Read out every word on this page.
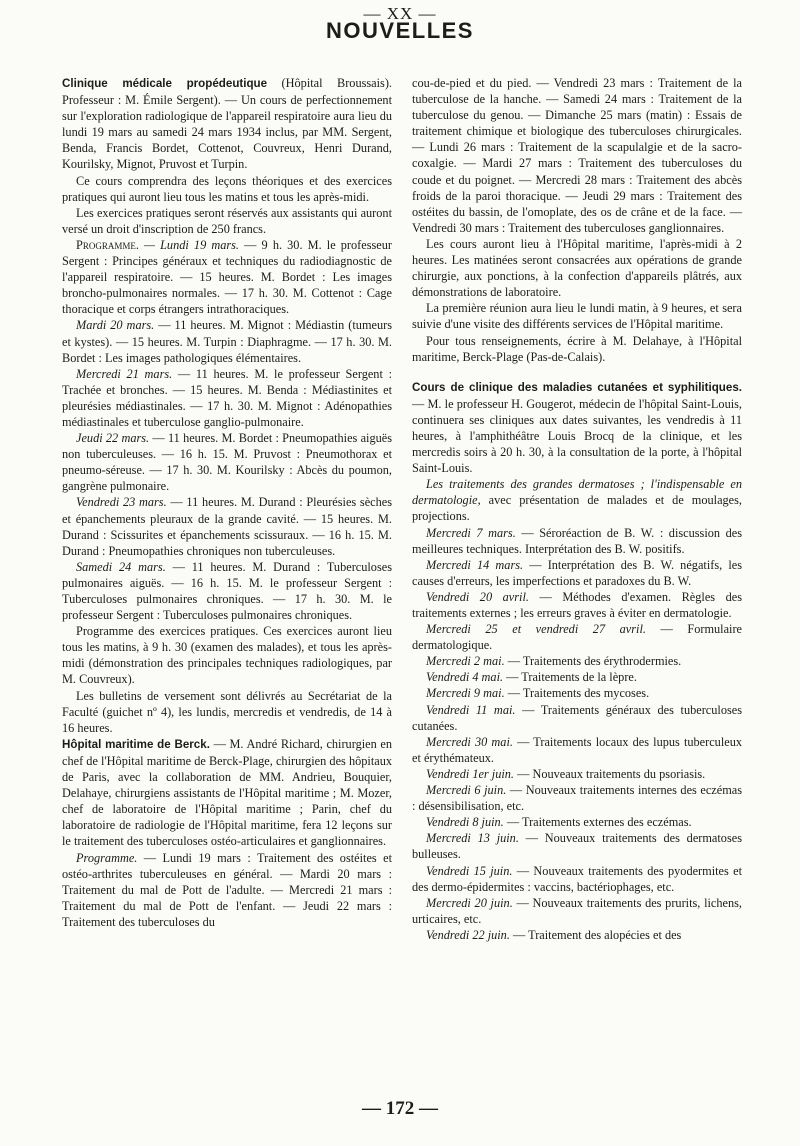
— XX —
NOUVELLES

Clinique médicale propédeutique (Hôpital Broussais). Professeur : M. Émile Sergent). — Un cours de perfectionnement sur l'exploration radiologique de l'appareil respiratoire aura lieu du lundi 19 mars au samedi 24 mars 1934 inclus, par MM. Sergent, Benda, Francis Bordet, Cottenot, Couvreux, Henri Durand, Kourilsky, Mignot, Pruvost et Turpin.

Ce cours comprendra des leçons théoriques et des exercices pratiques qui auront lieu tous les matins et tous les après-midi.

Les exercices pratiques seront réservés aux assistants qui auront versé un droit d'inscription de 250 francs.

Programme. — Lundi 19 mars. — 9 h. 30. M. le professeur Sergent : Principes généraux et techniques du radiodiagnostic de l'appareil respiratoire. — 15 heures. M. Bordet : Les images broncho-pulmonaires normales. — 17 h. 30. M. Cottenot : Cage thoracique et corps étrangers intrathoraciques.

Mardi 20 mars. — 11 heures. M. Mignot : Médiastin (tumeurs et kystes). — 15 heures. M. Turpin : Diaphragme. — 17 h. 30. M. Bordet : Les images pathologiques élémentaires.

Mercredi 21 mars. — 11 heures. M. le professeur Sergent : Trachée et bronches. — 15 heures. M. Benda : Médiastinites et pleurésies médiastinales. — 17 h. 30. M. Mignot : Adénopathies médiastinales et tuberculose ganglio-pulmonaire.

Jeudi 22 mars. — 11 heures. M. Bordet : Pneumopathies aiguës non tuberculeuses. — 16 h. 15. M. Pruvost : Pneumothorax et pneumo-séreuse. — 17 h. 30. M. Kourilsky : Abcès du poumon, gangrène pulmonaire.

Vendredi 23 mars. — 11 heures. M. Durand : Pleurésies sèches et épanchements pleuraux de la grande cavité. — 15 heures. M. Durand : Scissurites et épanchements scissuraux. — 16 h. 15. M. Durand : Pneumopathies chroniques non tuberculeuses.

Samedi 24 mars. — 11 heures. M. Durand : Tuberculoses pulmonaires aiguës. — 16 h. 15. M. le professeur Sergent : Tuberculoses pulmonaires chroniques. — 17 h. 30. M. le professeur Sergent : Tuberculoses pulmonaires chroniques.

Programme des exercices pratiques. Ces exercices auront lieu tous les matins, à 9 h. 30 (examen des malades), et tous les après-midi (démonstration des principales techniques radiologiques, par M. Couvreux).

Les bulletins de versement sont délivrés au Secrétariat de la Faculté (guichet nº 4), les lundis, mercredis et vendredis, de 14 à 16 heures.

Hôpital maritime de Berck. — M. André Richard, chirurgien en chef de l'Hôpital maritime de Berck-Plage, chirurgien des hôpitaux de Paris, avec la collaboration de MM. Andrieu, Bouquier, Delahaye, chirurgiens assistants de l'Hôpital maritime ; M. Mozer, chef de laboratoire de l'Hôpital maritime ; Parin, chef du laboratoire de radiologie de l'Hôpital maritime, fera 12 leçons sur le traitement des tuberculoses ostéo-articulaires et ganglionnaires.

Programme. — Lundi 19 mars : Traitement des ostéites et ostéo-arthrites tuberculeuses en général. — Mardi 20 mars : Traitement du mal de Pott de l'adulte. — Mercredi 21 mars : Traitement du mal de Pott de l'enfant. — Jeudi 22 mars : Traitement des tuberculoses du

cou-de-pied et du pied. — Vendredi 23 mars : Traitement de la tuberculose de la hanche. — Samedi 24 mars : Traitement de la tuberculose du genou. — Dimanche 25 mars (matin) : Essais de traitement chimique et biologique des tuberculoses chirurgicales. — Lundi 26 mars : Traitement de la scapulalgie et de la sacro-coxalgie. — Mardi 27 mars : Traitement des tuberculoses du coude et du poignet. — Mercredi 28 mars : Traitement des abcès froids de la paroi thoracique. — Jeudi 29 mars : Traitement des ostéites du bassin, de l'omoplate, des os de crâne et de la face. — Vendredi 30 mars : Traitement des tuberculoses ganglionnaires.

Les cours auront lieu à l'Hôpital maritime, l'après-midi à 2 heures. Les matinées seront consacrées aux opérations de grande chirurgie, aux ponctions, à la confection d'appareils plâtrés, aux démonstrations de laboratoire.

La première réunion aura lieu le lundi matin, à 9 heures, et sera suivie d'une visite des différents services de l'Hôpital maritime.

Pour tous renseignements, écrire à M. Delahaye, à l'Hôpital maritime, Berck-Plage (Pas-de-Calais).

Cours de clinique des maladies cutanées et syphilitiques. — M. le professeur H. Gougerot, médecin de l'hôpital Saint-Louis, continuera ses cliniques aux dates suivantes, les vendredis à 11 heures, à l'amphithéâtre Louis Brocq de la clinique, et les mercredis soirs à 20 h. 30, à la consultation de la porte, à l'hôpital Saint-Louis.

Les traitements des grandes dermatoses ; l'indispensable en dermatologie, avec présentation de malades et de moulages, projections.

Mercredi 7 mars. — Séroréaction de B. W. : discussion des meilleures techniques. Interprétation des B. W. positifs.

Mercredi 14 mars. — Interprétation des B. W. négatifs, les causes d'erreurs, les imperfections et paradoxes du B. W.

Vendredi 20 avril. — Méthodes d'examen. Règles des traitements externes ; les erreurs graves à éviter en dermatologie.

Mercredi 25 et vendredi 27 avril. — Formulaire dermatologique.

Mercredi 2 mai. — Traitements des érythrodermies.

Vendredi 4 mai. — Traitements de la lèpre.

Mercredi 9 mai. — Traitements des mycoses.

Vendredi 11 mai. — Traitements généraux des tuberculoses cutanées.

Mercredi 30 mai. — Traitements locaux des lupus tuberculeux et érythémateux.

Vendredi 1er juin. — Nouveaux traitements du psoriasis.

Mercredi 6 juin. — Nouveaux traitements internes des eczémas : désensibilisation, etc.

Vendredi 8 juin. — Traitements externes des eczémas.

Mercredi 13 juin. — Nouveaux traitements des dermatoses bulleuses.

Vendredi 15 juin. — Nouveaux traitements des pyodermites et des dermo-épidermites : vaccins, bactériophages, etc.

Mercredi 20 juin. — Nouveaux traitements des prurits, lichens, urticaires, etc.

Vendredi 22 juin. — Traitement des alopécies et des

— 172 —
